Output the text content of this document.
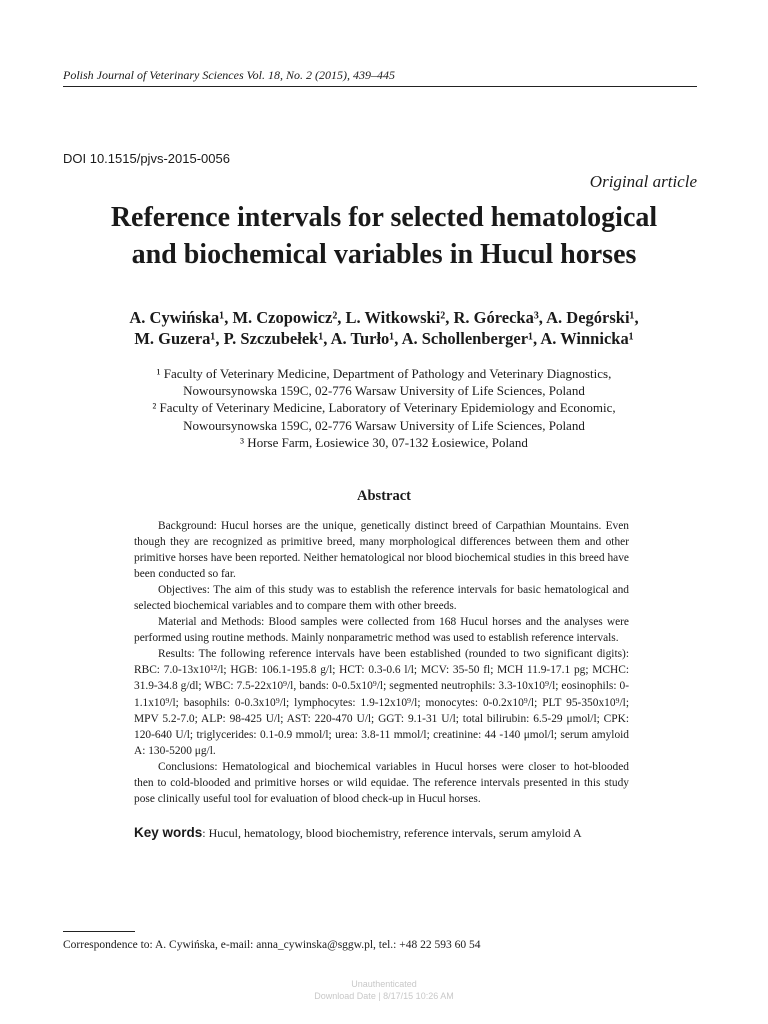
Polish Journal of Veterinary Sciences Vol. 18, No. 2 (2015), 439–445
DOI 10.1515/pjvs-2015-0056
Original article
Reference intervals for selected hematological
and biochemical variables in Hucul horses
A. Cywińska¹, M. Czopowicz², L. Witkowski², R. Górecka³, A. Degórski¹,
M. Guzera¹, P. Szczubełek¹, A. Turło¹, A. Schollenberger¹, A. Winnicka¹
¹ Faculty of Veterinary Medicine, Department of Pathology and Veterinary Diagnostics,
Nowoursynowska 159C, 02-776 Warsaw University of Life Sciences, Poland
² Faculty of Veterinary Medicine, Laboratory of Veterinary Epidemiology and Economic,
Nowoursynowska 159C, 02-776 Warsaw University of Life Sciences, Poland
³ Horse Farm, Łosiewice 30, 07-132 Łosiewice, Poland
Abstract

Background: Hucul horses are the unique, genetically distinct breed of Carpathian Mountains. Even though they are recognized as primitive breed, many morphological differences between them and other primitive horses have been reported. Neither hematological nor blood biochemical studies in this breed have been conducted so far.

Objectives: The aim of this study was to establish the reference intervals for basic hematological and selected biochemical variables and to compare them with other breeds.

Material and Methods: Blood samples were collected from 168 Hucul horses and the analyses were performed using routine methods. Mainly nonparametric method was used to establish reference intervals.

Results: The following reference intervals have been established (rounded to two significant digits): RBC: 7.0-13x10¹²/l; HGB: 106.1-195.8 g/l; HCT: 0.3-0.6 l/l; MCV: 35-50 fl; MCH 11.9-17.1 pg; MCHC: 31.9-34.8 g/dl; WBC: 7.5-22x10⁹/l, bands: 0-0.5x10⁹/l; segmented neutrophils: 3.3-10x10⁹/l; eosinophils: 0-1.1x10⁹/l; basophils: 0-0.3x10⁹/l; lymphocytes: 1.9-12x10⁹/l; monocytes: 0-0.2x10⁹/l; PLT 95-350x10⁹/l; MPV 5.2-7.0; ALP: 98-425 U/l; AST: 220-470 U/l; GGT: 9.1-31 U/l; total bilirubin: 6.5-29 μmol/l; CPK: 120-640 U/l; triglycerides: 0.1-0.9 mmol/l; urea: 3.8-11 mmol/l; creatinine: 44 -140 μmol/l; serum amyloid A: 130-5200 μg/l.

Conclusions: Hematological and biochemical variables in Hucul horses were closer to hot-blooded then to cold-blooded and primitive horses or wild equidae. The reference intervals presented in this study pose clinically useful tool for evaluation of blood check-up in Hucul horses.

Key words: Hucul, hematology, blood biochemistry, reference intervals, serum amyloid A
Correspondence to: A. Cywińska, e-mail: anna_cywinska@sggw.pl, tel.: +48 22 593 60 54
Unauthenticated
Download Date | 8/17/15 10:26 AM
